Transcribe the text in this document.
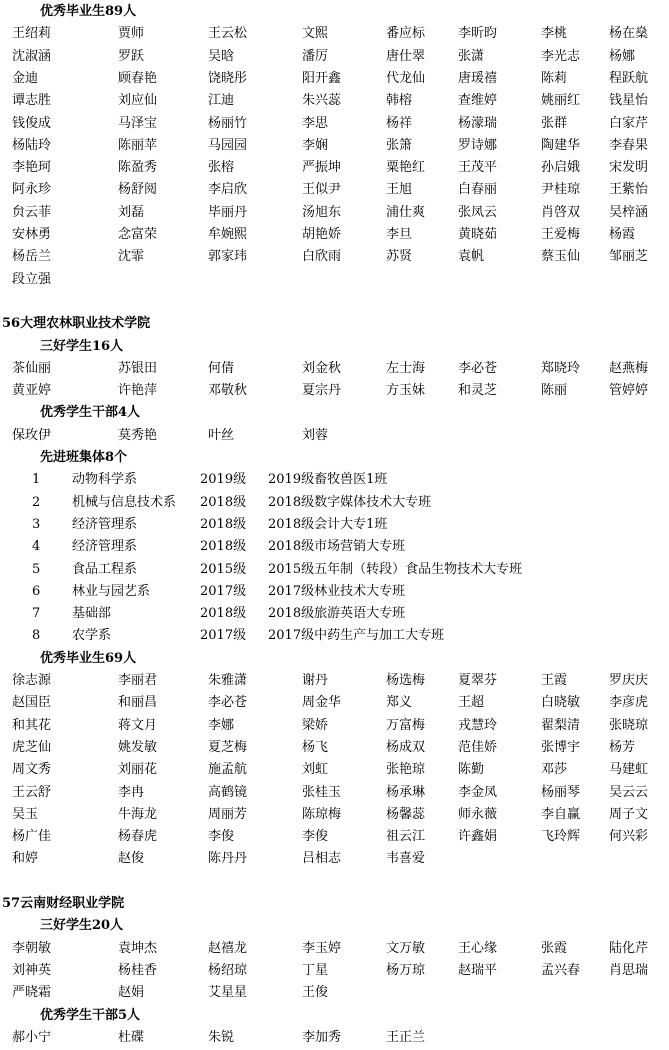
优秀毕业生89人
王绍莉	贾师	王云松	文熙	番应标	李昕昀	李桃	杨在燊
沈淑涵	罗跃	吴晗	潘厉	唐仕翠	张潇	李光志 杨娜
金迪	顾春艳	饶晓彤	阳开鑫	代龙仙	唐瑗禧	陈莉	程跃航
谭志胜	刘应仙	江迪	朱兴蕊	韩榕	查维婷	姚丽红 钱星怡
钱俊成	马泽宝	杨丽竹	李思	杨祥	杨濛瑞	张群	白家芹
杨陆玲	陈丽苹	马园园	李娴	张箫	罗诗娜	陶建华 李春果
李艳珂	陈盈秀	张榕	严振坤	粟艳红	王茂平	孙启娥 宋发明
阿永珍	杨舒阅	李启欣	王似尹	王旭	白春丽	尹桂琼 王紫怡
贠云菲	刘磊	毕丽丹	汤旭东	浦仕爽	张凤云	肖啓双 吴梓涵
安林勇	念富荣	牟婉熙	胡艳娇	李旦	黄晓茹	王爱梅 杨霞
杨岳兰	沈霏	郭家玮	白欣雨	苏贤	袁帆	蔡玉仙 邹丽芝
段立强
56大理农林职业技术学院
三好学生16人
茶仙丽	苏银田	何倩	刘金秋	左士海	李必苍	郑晓玲 赵燕梅
黄亚婷	许艳萍	邓敬秋	夏宗丹	方玉妹	和灵芝	陈丽	管婷婷
优秀学生干部4人
保玫伊	莫秀艳	叶丝	刘蓉
先进班集体8个
1 动物科学系	2019级 2019级畜牧兽医1班
2 机械与信息技术系 2018级 2018级数字媒体技术大专班
3 经济管理系	2018级 2018级会计大专1班
4 经济管理系	2018级 2018级市场营销大专班
5 食品工程系	2015级 2015级五年制（转段）食品生物技术大专班
6 林业与园艺系	2017级 2017级林业技术大专班
7 基础部	2018级 2018级旅游英语大专班
8 农学系	2017级 2017级中药生产与加工大专班
优秀毕业生69人
徐志源	李丽君	朱雅潇	谢丹	杨选梅	夏翠芬	王霞	罗庆庆
赵国臣	和丽昌	李必苍	周金华	郑义	王超	白晓敏 李彦虎
和其花	蒋文月	李娜	梁娇	万富梅	戎慧玲	翟梨清 张晓琼
虎芝仙	姚发敏	夏芝梅	杨飞	杨成双	范佳娇	张博宇 杨芳
周文秀	刘丽花	施孟航	刘虹	张艳琼	陈勤	邓莎	马建虹
王云舒	李冉	高鹤镜	张桂玉	杨承琳	李金凤	杨丽琴 吴云云
吴玉	牛海龙	周丽芳	陈琼梅	杨馨蕊	师永薇	李自赢 周子文
杨广佳	杨春虎	李俊	李俊	祖云江	许鑫娟	飞玲辉 何兴彩
和婷	赵俊	陈丹丹	吕相志	韦喜爱
57云南财经职业学院
三好学生20人
李朝敏	袁坤杰	赵禧龙	李玉婷	文万敏	王心缘	张霞	陆化芹
刘神英	杨桂香	杨绍琼	丁星	杨万琼	赵瑞平	孟兴春 肖思瑞
严晓霜	赵娟	艾星星	王俊
优秀学生干部5人
郝小宁	杜碟	朱锐	李加秀	王正兰
